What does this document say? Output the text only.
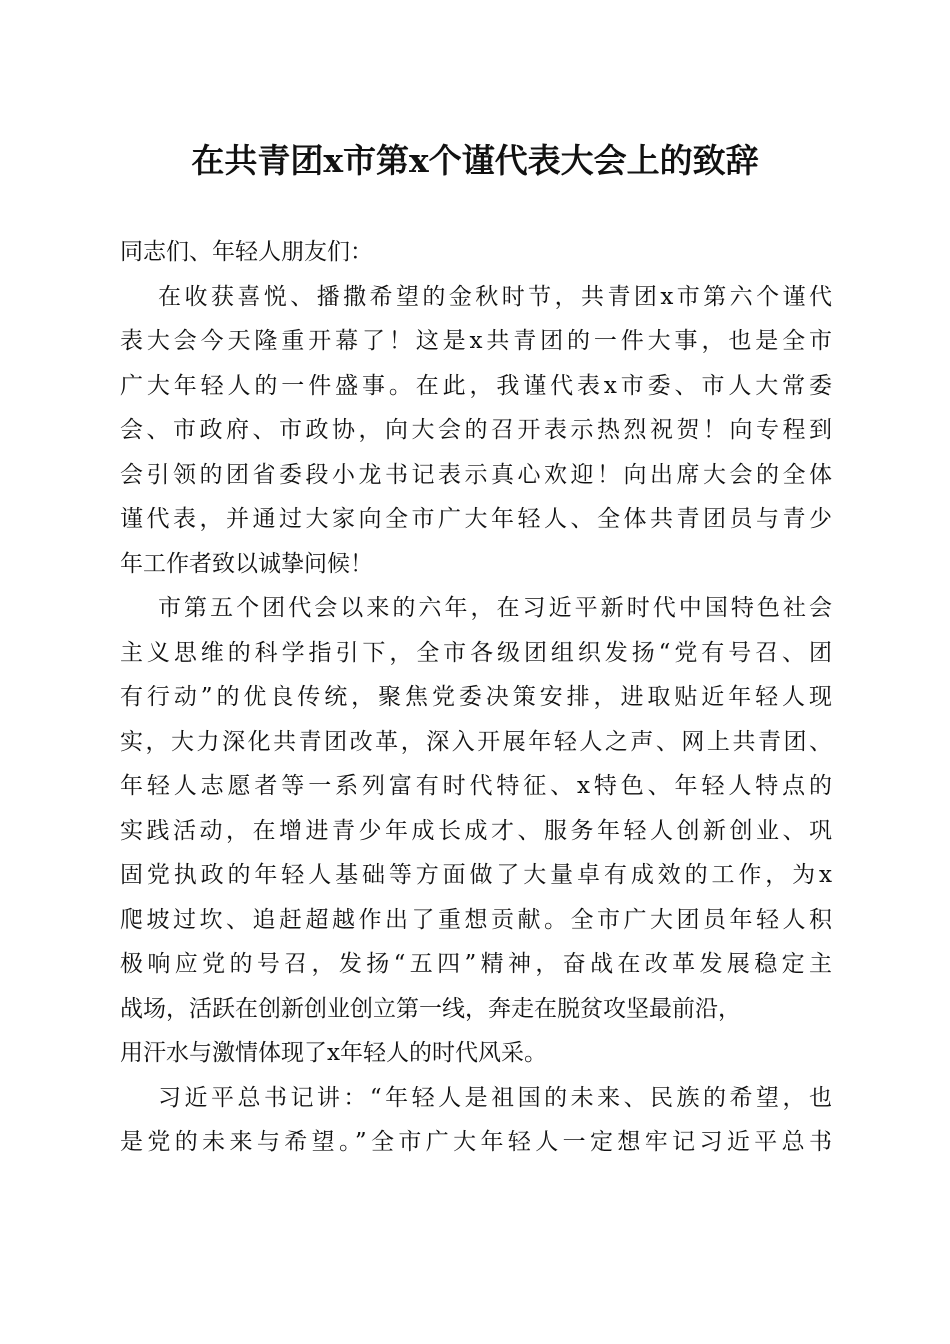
在共青团x市第x个谨代表大会上的致辞
同志们、年轻人朋友们：
在收获喜悦、播撒希望的金秋时节，共青团x市第六个谨代
表大会今天隆重开幕了！这是x共青团的一件大事，也是全市
广大年轻人的一件盛事。在此，我谨代表x市委、市人大常委
会、市政府、市政协，向大会的召开表示热烈祝贺！向专程到
会引领的团省委段小龙书记表示真心欢迎！向出席大会的全体
谨代表，并通过大家向全市广大年轻人、全体共青团员与青少
年工作者致以诚挚问候！
市第五个团代会以来的六年，在习近平新时代中国特色社会
主义思维的科学指引下，全市各级团组织发扬“党有号召、团
有行动”的优良传统，聚焦党委决策安排，进取贴近年轻人现
实，大力深化共青团改革，深入开展年轻人之声、网上共青团、
年轻人志愿者等一系列富有时代特征、x特色、年轻人特点的
实践活动，在增进青少年成长成才、服务年轻人创新创业、巩
固党执政的年轻人基础等方面做了大量卓有成效的工作，为x
爬坡过坎、追赶超越作出了重想贡献。全市广大团员年轻人积
极响应党的号召，发扬“五四”精神，奋战在改革发展稳定主
战场，活跃在创新创业创立第一线，奔走在脱贫攻坚最前沿，
用汗水与激情体现了x年轻人的时代风采。
习近平总书记讲：“年轻人是祖国的未来、民族的希望，也
是党的未来与希望。”全市广大年轻人一定想牢记习近平总书
